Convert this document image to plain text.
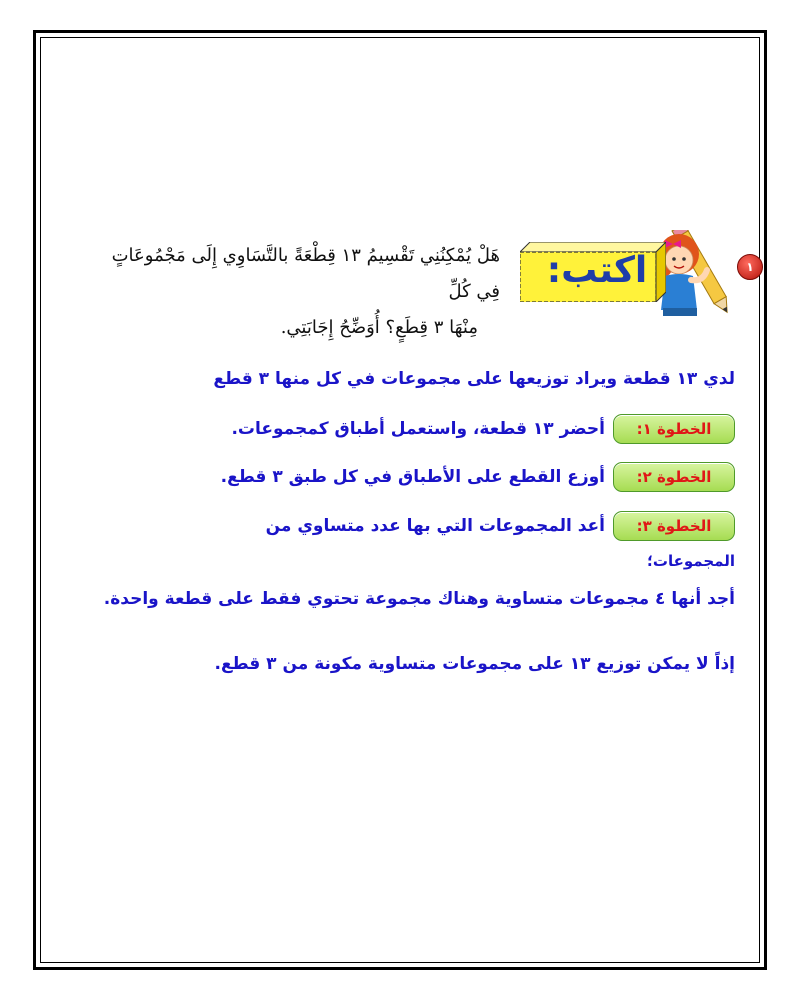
١
اكتب:
هَلْ يُمْكِنُنِي تَقْسِيمُ ١٣ قِطْعَةً بالتَّسَاوِي إِلَى مَجْمُوعَاتٍ فِي كُلِّ
مِنْهَا ٣ قِطَعٍ؟ أُوَضِّحُ إِجَابَتِي.
لدي ١٣ قطعة ويراد توزيعها على مجموعات في كل منها ٣ قطع
الخطوة ١:
أحضر ١٣ قطعة، واستعمل أطباق كمجموعات.
الخطوة ٢:
أوزع القطع على الأطباق في كل طبق ٣ قطع.
الخطوة ٣:
أعد المجموعات التي بها عدد متساوي من
المجموعات؛
أجد أنها ٤ مجموعات متساوية وهناك مجموعة تحتوي فقط على قطعة واحدة.
إذاً لا يمكن توزيع ١٣ على مجموعات متساوية مكونة من ٣ قطع.
